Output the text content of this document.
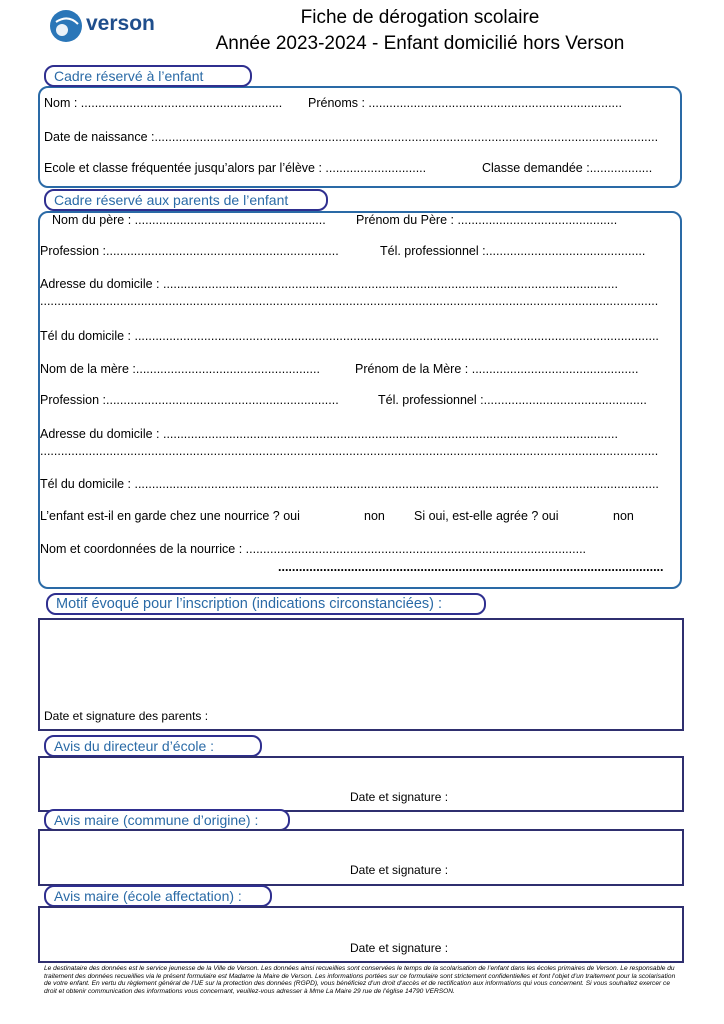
verson	Fiche de dérogation scolaire
Année 2023-2024 - Enfant domicilié hors Verson
Cadre réservé à l’enfant
Nom : .......................................................... Prénoms : .........................................................................
Date de naissance :.................................................................................................................................................
Ecole et classe fréquentée jusqu’alors par l’élève : .............................	Classe demandée :..................
Cadre réservé aux parents de l’enfant
Nom du père : ....................................................... Prénom du Père : ..............................................
Profession :...................................................................	Tél. professionnel :..............................................
Adresse du domicile : ...................................................................................................................................
..................................................................................................................................................................................
Tél du domicile : .......................................................................................................................................................
Nom de la mère :.....................................................	Prénom de la Mère : ................................................
Profession :...................................................................	Tél. professionnel :...............................................
Adresse du domicile : ...................................................................................................................................
..................................................................................................................................................................................
Tél du domicile : .......................................................................................................................................................
L’enfant est-il en garde chez une nourrice ? oui	non Si oui, est-elle agrée ? oui	non
Nom et coordonnées de la nourrice : ..................................................................................................
...............................................................................................................
Motif évoqué pour l’inscription (indications circonstanciées) :
Date et signature des parents :
Avis du directeur d’école :
Date et signature :
Avis maire (commune d’origine) :
Date et signature :
Avis maire (école affectation) :
Date et signature :
Le destinataire des données est le service jeunesse de la Ville de Verson. Les données ainsi recueillies sont conservées le temps de la scolarisation de l’enfant dans les écoles primaires de Verson. Le responsable du traitement des données recueillies via le présent formulaire est Madame la Maire de Verson. Les informations portées sur ce formulaire sont strictement confidentielles et font l’objet d’un traitement pour la scolarisation de votre enfant. En vertu du règlement général de l’UE sur la protection des données (RGPD), vous bénéficiez d’un droit d’accès et de rectification aux informations qui vous concernent. Si vous souhaitez exercer ce droit et obtenir communication des informations vous concernant, veuillez-vous adresser à Mme La Maire 29 rue de l’église 14790 VERSON.
